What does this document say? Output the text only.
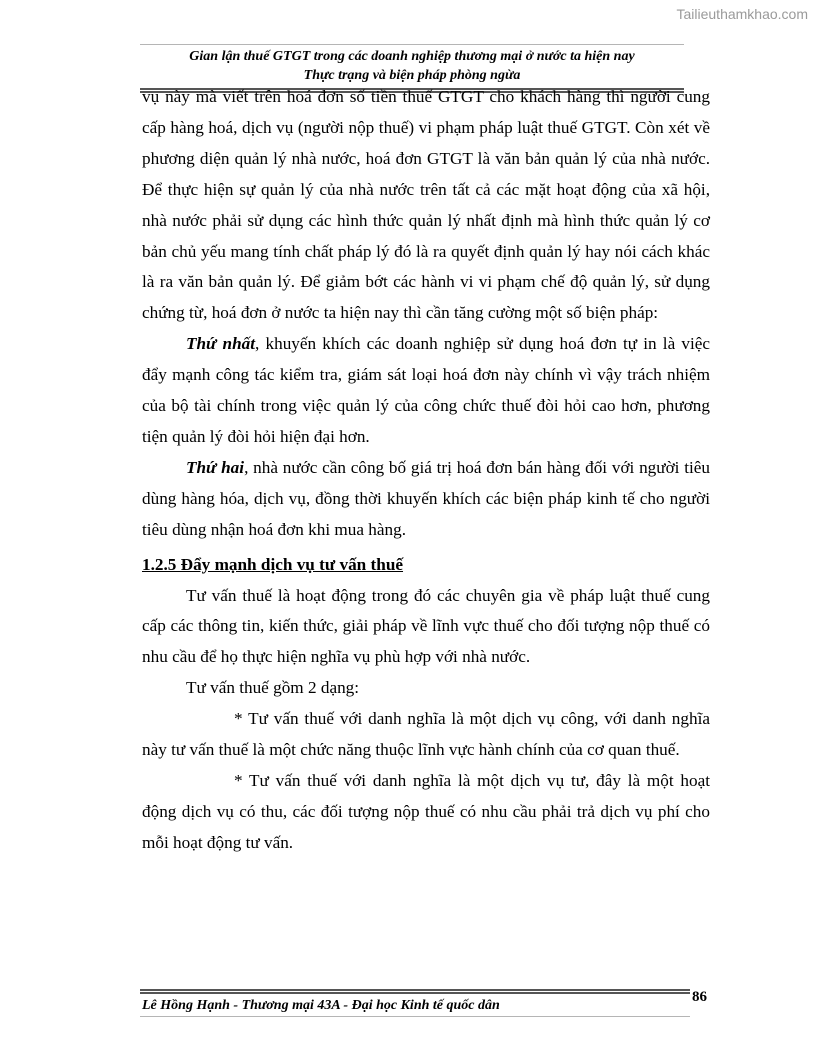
Tailieuthamkhao.com
Gian lận thuế GTGT trong các doanh nghiệp thương mại ở nước ta hiện nay
Thực trạng và biện pháp phòng ngừa

vụ này mà viết trên hoá đơn số tiền thuế GTGT cho khách hàng thì người cung cấp hàng hoá, dịch vụ (người nộp thuế) vi phạm pháp luật thuế GTGT. Còn xét về phương diện quản lý nhà nước, hoá đơn GTGT là văn bản quản lý của nhà nước. Để thực hiện sự quản lý của nhà nước trên tất cả các mặt hoạt động của xã hội, nhà nước phải sử dụng các hình thức quản lý nhất định mà hình thức quản lý cơ bản chủ yếu mang tính chất pháp lý đó là ra quyết định quản lý hay nói cách khác là ra văn bản quản lý. Để giảm bớt các hành vi vi phạm chế độ quản lý, sử dụng chứng từ, hoá đơn ở nước ta hiện nay thì cần tăng cường một số biện pháp:

Thứ nhất, khuyến khích các doanh nghiệp sử dụng hoá đơn tự in là việc đẩy mạnh công tác kiểm tra, giám sát loại hoá đơn này chính vì vậy trách nhiệm của bộ tài chính trong việc quản lý của công chức thuế đòi hỏi cao hơn, phương tiện quản lý đòi hỏi hiện đại hơn.

Thứ hai, nhà nước cần công bố giá trị hoá đơn bán hàng đối với người tiêu dùng hàng hóa, dịch vụ, đồng thời khuyến khích các biện pháp kinh tế cho người tiêu dùng nhận hoá đơn khi mua hàng.

1.2.5 Đẩy mạnh dịch vụ tư vấn thuế

Tư vấn thuế là hoạt động trong đó các chuyên gia về pháp luật thuế cung cấp các thông tin, kiến thức, giải pháp về lĩnh vực thuế cho đối tượng nộp thuế có nhu cầu để họ thực hiện nghĩa vụ phù hợp với nhà nước.

Tư vấn thuế gồm 2 dạng:

* Tư vấn thuế với danh nghĩa là một dịch vụ công, với danh nghĩa này tư vấn thuế là một chức năng thuộc lĩnh vực hành chính của cơ quan thuế.

* Tư vấn thuế với danh nghĩa là một dịch vụ tư, đây là một hoạt động dịch vụ có thu, các đối tượng nộp thuế có nhu cầu phải trả dịch vụ phí cho mỗi hoạt động tư vấn.

Lê Hồng Hạnh - Thương mại 43A - Đại học Kinh tế quốc dân
86
